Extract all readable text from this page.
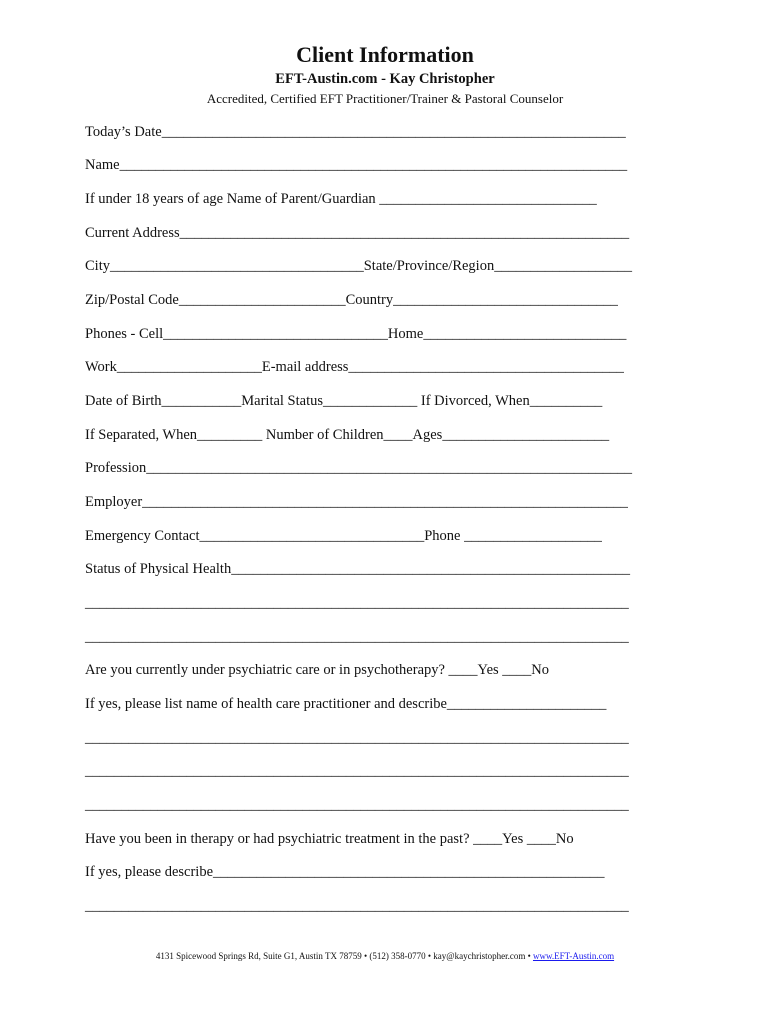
Client Information
EFT-Austin.com - Kay Christopher
Accredited, Certified EFT Practitioner/Trainer & Pastoral Counselor
Today’s Date________________________________________________________________
Name______________________________________________________________________
If under 18 years of age Name of Parent/Guardian ______________________________
Current Address______________________________________________________________
City___________________________________State/Province/Region___________________
Zip/Postal Code_______________________Country_______________________________
Phones - Cell_______________________________Home____________________________
Work____________________E-mail address______________________________________
Date of Birth___________Marital Status_____________ If Divorced, When__________
If Separated, When_________ Number of Children____Ages_______________________
Profession___________________________________________________________________
Employer___________________________________________________________________
Emergency Contact_______________________________Phone ___________________
Status of Physical Health_______________________________________________________
___________________________________________________________________________
___________________________________________________________________________
Are you currently under psychiatric care or in psychotherapy? ____Yes ____No
If yes, please list name of health care practitioner and describe______________________
___________________________________________________________________________
___________________________________________________________________________
___________________________________________________________________________
Have you been in therapy or had psychiatric treatment in the past? ____Yes ____No
If yes, please describe______________________________________________________
___________________________________________________________________________
4131 Spicewood Springs Rd, Suite G1, Austin TX 78759 • (512) 358-0770 • kay@kaychristopher.com • www.EFT-Austin.com
